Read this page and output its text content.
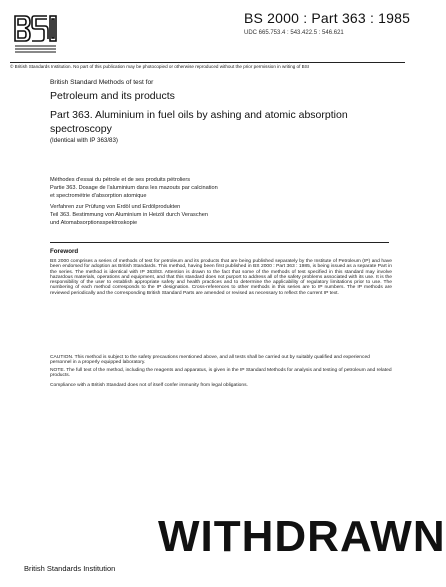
BS 2000 : Part 363 : 1985
UDC 665.753.4 : 543.422.5 : 546.621
© British Standards Institution. No part of this publication may be photocopied or otherwise reproduced without the prior permission in writing of BSI
British Standard Methods of test for
Petroleum and its products
Part 363. Aluminium in fuel oils by ashing and atomic absorption spectroscopy
(Identical with IP 363/83)
Méthodes d'essai du pétrole et de ses produits pétroliers
Partie 363. Dosage de l'aluminium dans les mazouts par calcination
et spectrométrie d'absorption atomique
Verfahren zur Prüfung von Erdöl und Erdölprodukten
Teil 363. Bestimmung von Aluminium in Heizöl durch Veraschen
und Atomabsorptionsspektroskopie
Foreword
BS 2000 comprises a series of methods of test for petroleum and its products that are being published separately by the Institute of Petroleum (IP) and have been endorsed for adoption as British Standards. This method, having been first published in BS 2000 : Part 363 : 1985, is being issued as a separate Part in the series. The method is identical with IP 363/83. Attention is drawn to the fact that some of the methods of test specified in this standard may involve hazardous materials, operations and equipment, and that this standard does not purport to address all of the safety problems associated with its use. It is the responsibility of the user to establish appropriate safety and health practices and to determine the applicability of regulatory limitations prior to use. The numbering of each method corresponds to the IP designation. Cross-references to other methods in this series are to IP numbers. The IP methods are reviewed periodically and the corresponding British Standard Parts are amended or revised as necessary to reflect the current IP text.
CAUTION. This method is subject to the safety precautions mentioned above, and all tests shall be carried out by suitably qualified and experienced personnel in a properly equipped laboratory.
NOTE. The full text of the method, including the reagents and apparatus, is given in the IP Standard Methods for analysis and testing of petroleum and related products.
Compliance with a British Standard does not of itself confer immunity from legal obligations.
WITHDRAWN
British Standards Institution
